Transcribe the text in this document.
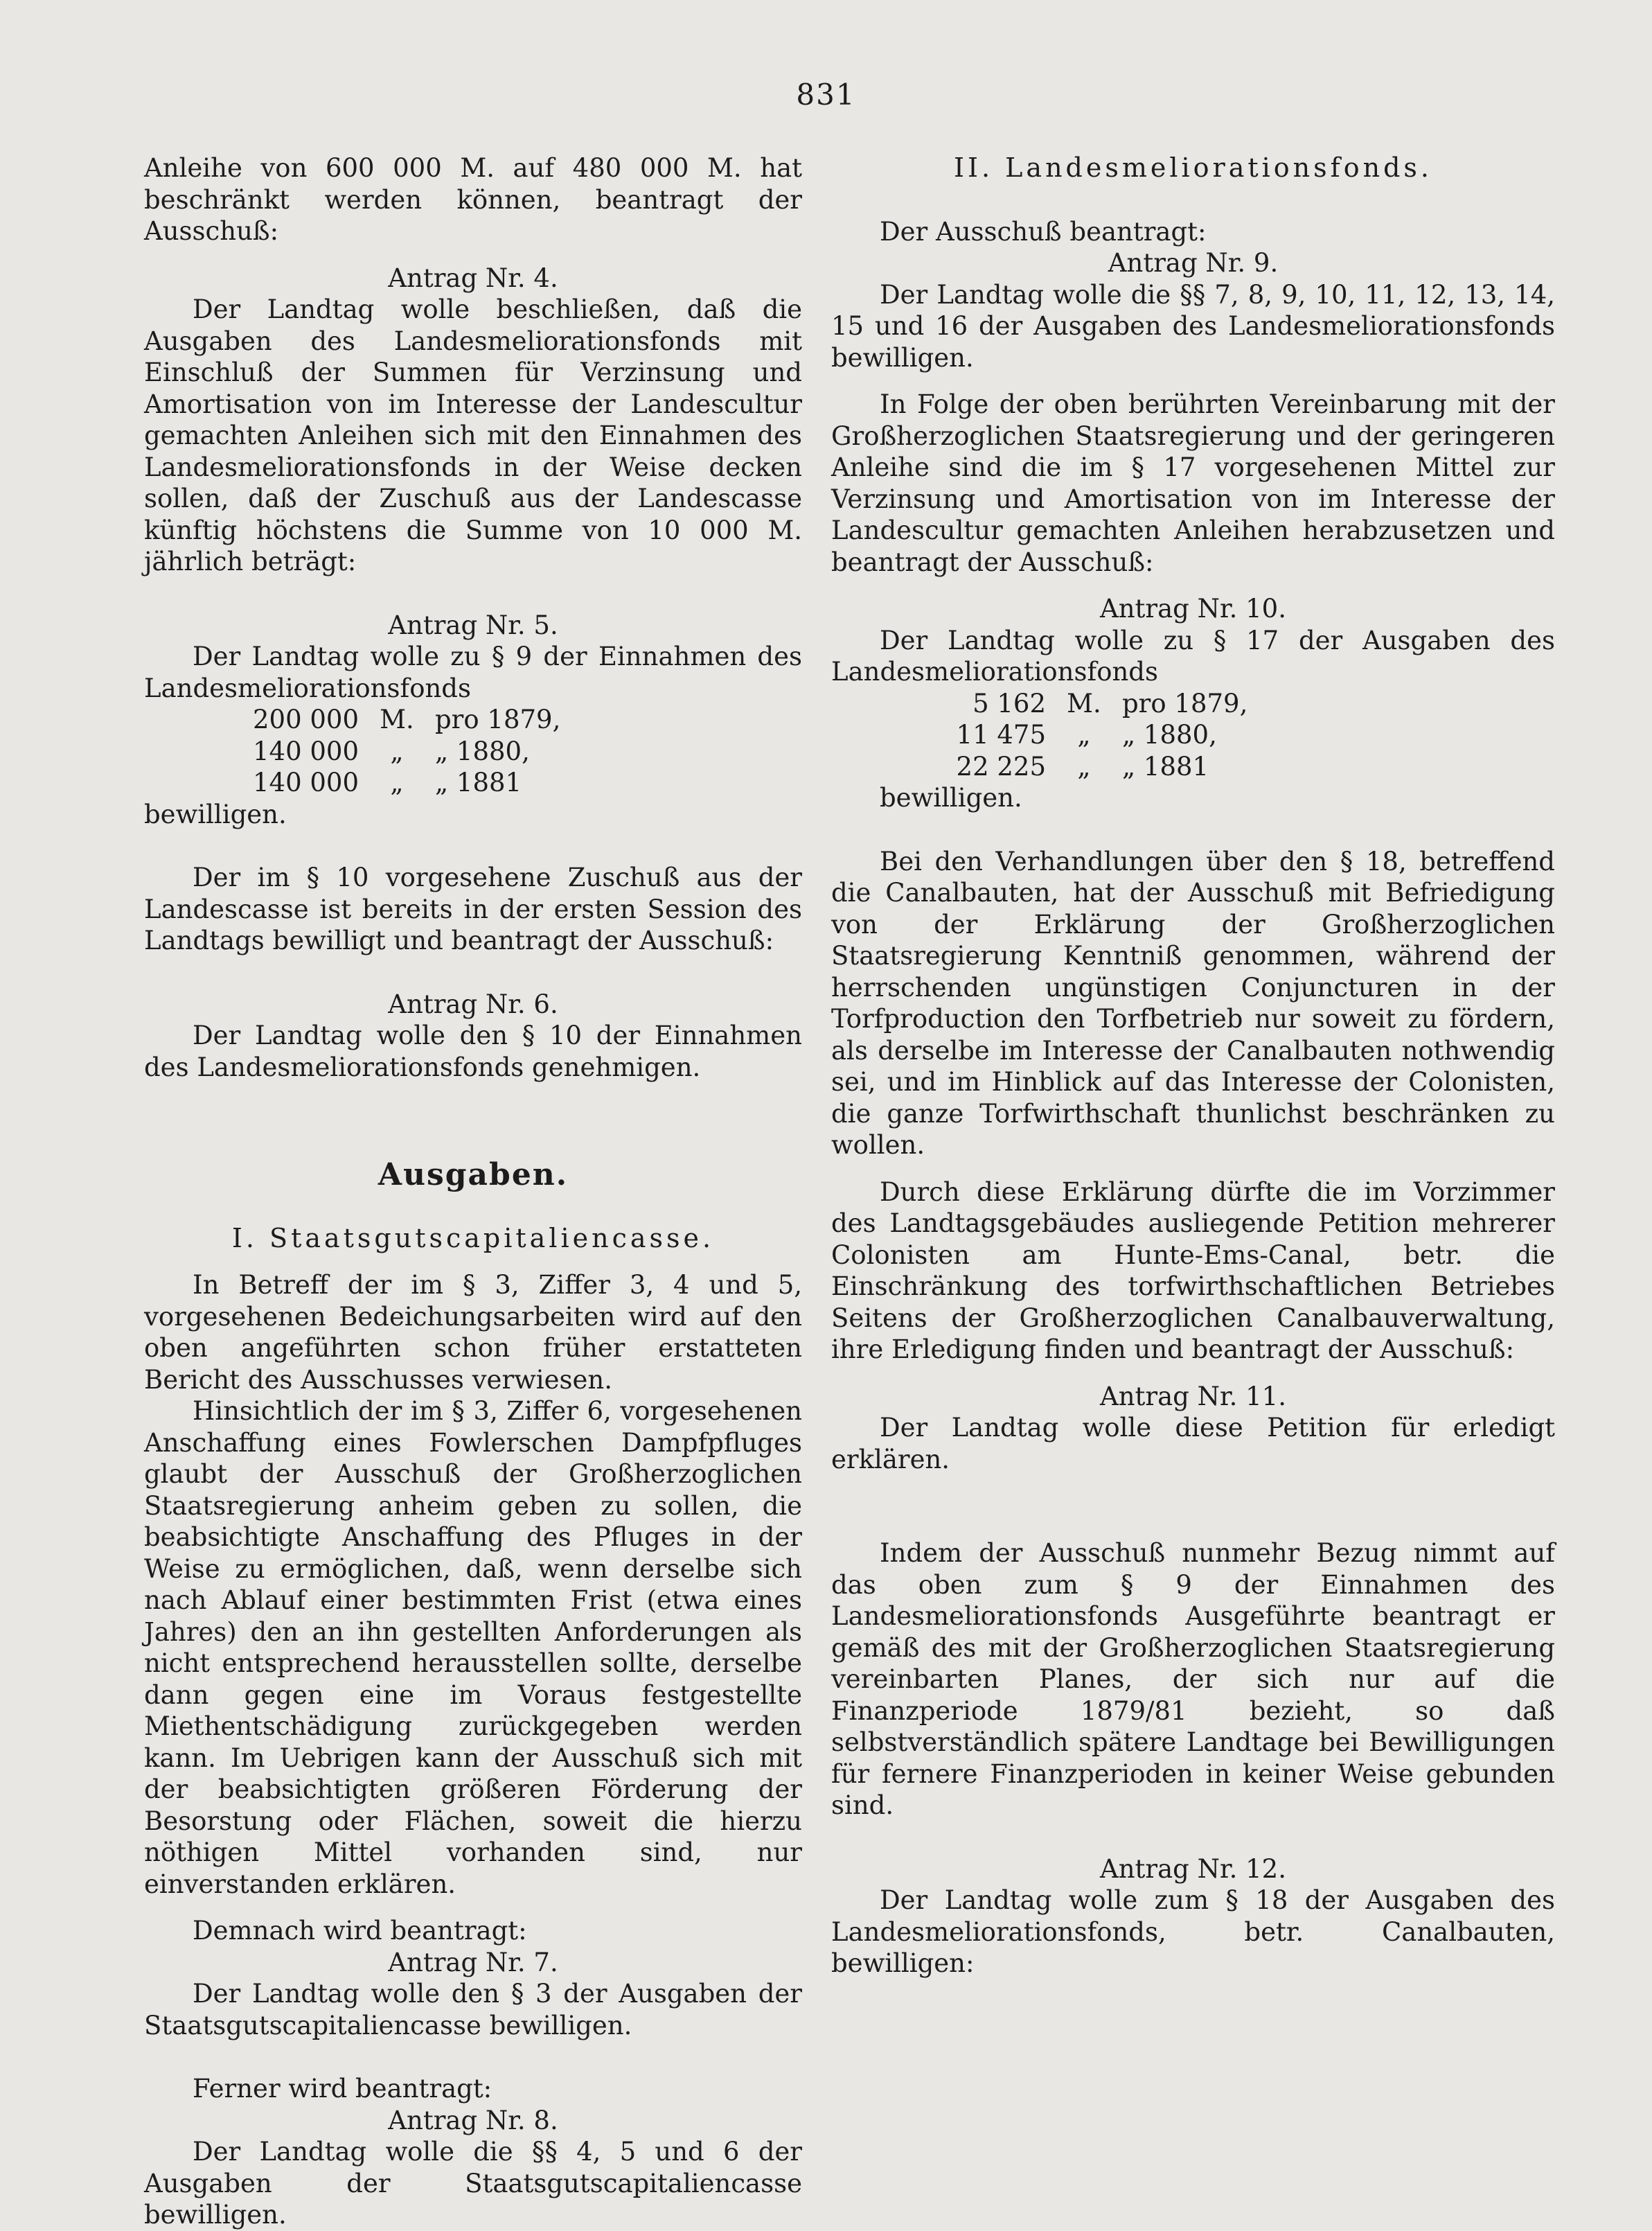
831

Anleihe von 600 000 M. auf 480 000 M. hat beschränkt werden können, beantragt der Ausschuß:

Antrag Nr. 4.

Der Landtag wolle beschließen, daß die Ausgaben des Landesmeliorationsfonds mit Einschluß der Summen für Verzinsung und Amortisation von im Interesse der Landescultur gemachten Anleihen sich mit den Einnahmen des Landesmeliorationsfonds in der Weise decken sollen, daß der Zuschuß aus der Landescasse künftig höchstens die Summe von 10 000 M. jährlich beträgt:

Antrag Nr. 5.

Der Landtag wolle zu § 9 der Einnahmen des Landesmeliorationsfonds

200 000 M. pro 1879,
140 000	„	„ 1880,
140 000	„	„ 1881

bewilligen.

Der im § 10 vorgesehene Zuschuß aus der Landescasse ist bereits in der ersten Session des Landtags bewilligt und beantragt der Ausschuß:

Antrag Nr. 6.

Der Landtag wolle den § 10 der Einnahmen des Landesmeliorationsfonds genehmigen.

Ausgaben.

I. Staatsgutscapitaliencasse.

In Betreff der im § 3, Ziffer 3, 4 und 5, vorgesehenen Bedeichungsarbeiten wird auf den oben angeführten schon früher erstatteten Bericht des Ausschusses verwiesen.

Hinsichtlich der im § 3, Ziffer 6, vorgesehenen Anschaffung eines Fowlerschen Dampfpfluges glaubt der Ausschuß der Großherzoglichen Staatsregierung anheim geben zu sollen, die beabsichtigte Anschaffung des Pfluges in der Weise zu ermöglichen, daß, wenn derselbe sich nach Ablauf einer bestimmten Frist (etwa eines Jahres) den an ihn gestellten Anforderungen als nicht entsprechend herausstellen sollte, derselbe dann gegen eine im Voraus festgestellte Miethentschädigung zurückgegeben werden kann. Im Uebrigen kann der Ausschuß sich mit der beabsichtigten größeren Förderung der Besorstung oder Flächen, soweit die hierzu nöthigen Mittel vorhanden sind, nur einverstanden erklären.

Demnach wird beantragt:

Antrag Nr. 7.

Der Landtag wolle den § 3 der Ausgaben der Staatsgutscapitaliencasse bewilligen.

Ferner wird beantragt:

Antrag Nr. 8.

Der Landtag wolle die §§ 4, 5 und 6 der Ausgaben der Staatsgutscapitaliencasse bewilligen.

II. Landesmeliorationsfonds.

Der Ausschuß beantragt:

Antrag Nr. 9.

Der Landtag wolle die §§ 7, 8, 9, 10, 11, 12, 13, 14, 15 und 16 der Ausgaben des Landesmeliorationsfonds bewilligen.

In Folge der oben berührten Vereinbarung mit der Großherzoglichen Staatsregierung und der geringeren Anleihe sind die im § 17 vorgesehenen Mittel zur Verzinsung und Amortisation von im Interesse der Landescultur gemachten Anleihen herabzusetzen und beantragt der Ausschuß:

Antrag Nr. 10.

Der Landtag wolle zu § 17 der Ausgaben des Landesmeliorationsfonds

5 162 M. pro 1879,
11 475	„	„ 1880,
22 225	„	„ 1881

bewilligen.

Bei den Verhandlungen über den § 18, betreffend die Canalbauten, hat der Ausschuß mit Befriedigung von der Erklärung der Großherzoglichen Staatsregierung Kenntniß genommen, während der herrschenden ungünstigen Conjuncturen in der Torfproduction den Torfbetrieb nur soweit zu fördern, als derselbe im Interesse der Canalbauten nothwendig sei, und im Hinblick auf das Interesse der Colonisten, die ganze Torfwirthschaft thunlichst beschränken zu wollen.

Durch diese Erklärung dürfte die im Vorzimmer des Landtagsgebäudes ausliegende Petition mehrerer Colonisten am Hunte-Ems-Canal, betr. die Einschränkung des torfwirthschaftlichen Betriebes Seitens der Großherzoglichen Canalbauverwaltung, ihre Erledigung finden und beantragt der Ausschuß:

Antrag Nr. 11.

Der Landtag wolle diese Petition für erledigt erklären.

Indem der Ausschuß nunmehr Bezug nimmt auf das oben zum § 9 der Einnahmen des Landesmeliorationsfonds Ausgeführte beantragt er gemäß des mit der Großherzoglichen Staatsregierung vereinbarten Planes, der sich nur auf die Finanzperiode 1879/81 bezieht, so daß selbstverständlich spätere Landtage bei Bewilligungen für fernere Finanzperioden in keiner Weise gebunden sind.

Antrag Nr. 12.

Der Landtag wolle zum § 18 der Ausgaben des Landesmeliorationsfonds, betr. Canalbauten, bewilligen:
